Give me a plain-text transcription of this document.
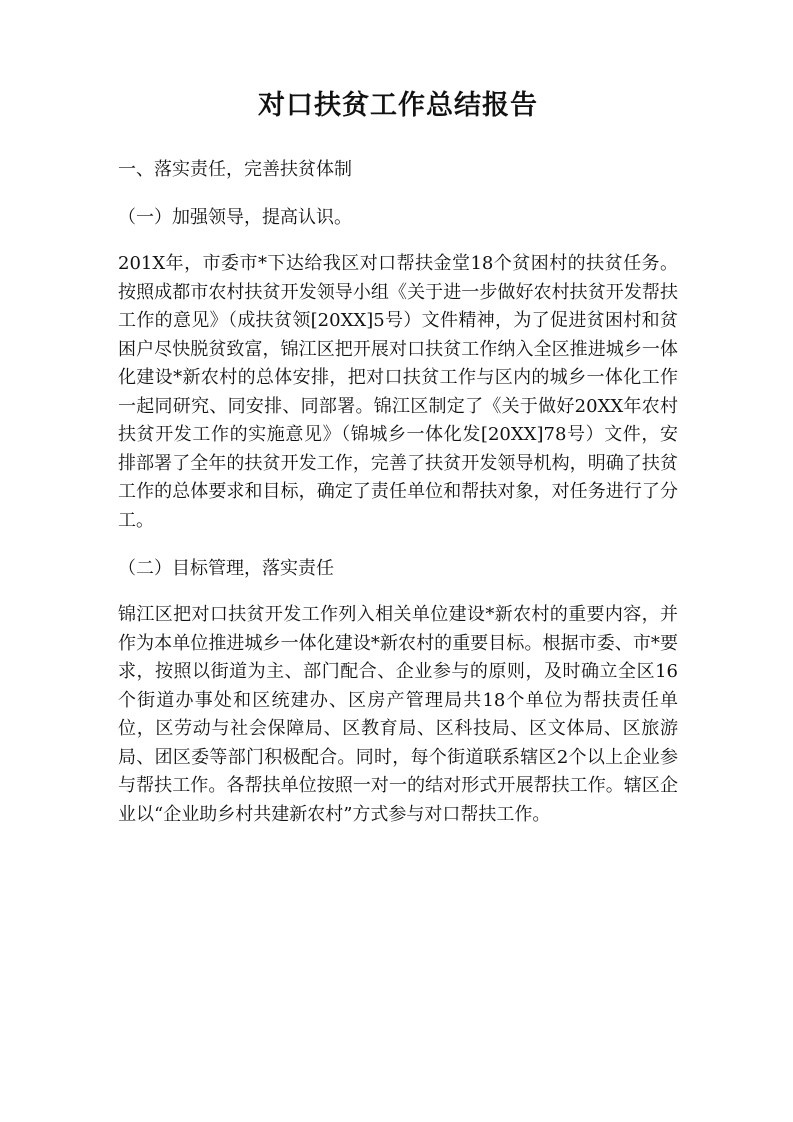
对口扶贫工作总结报告
一、落实责任，完善扶贫体制
（一）加强领导，提高认识。

201X年，市委市*下达给我区对口帮扶金堂18个贫困村的扶贫任务。按照成都市农村扶贫开发领导小组《关于进一步做好农村扶贫开发帮扶工作的意见》（成扶贫领[20XX]5号）文件精神，为了促进贫困村和贫困户尽快脱贫致富，锦江区把开展对口扶贫工作纳入全区推进城乡一体化建设*新农村的总体安排，把对口扶贫工作与区内的城乡一体化工作一起同研究、同安排、同部署。锦江区制定了《关于做好20XX年农村扶贫开发工作的实施意见》（锦城乡一体化发[20XX]78号）文件，安排部署了全年的扶贫开发工作，完善了扶贫开发领导机构，明确了扶贫工作的总体要求和目标，确定了责任单位和帮扶对象，对任务进行了分工。

（二）目标管理，落实责任

锦江区把对口扶贫开发工作列入相关单位建设*新农村的重要内容，并作为本单位推进城乡一体化建设*新农村的重要目标。根据市委、市*要求，按照以街道为主、部门配合、企业参与的原则，及时确立全区16个街道办事处和区统建办、区房产管理局共18个单位为帮扶责任单位，区劳动与社会保障局、区教育局、区科技局、区文体局、区旅游局、团区委等部门积极配合。同时，每个街道联系辖区2个以上企业参与帮扶工作。各帮扶单位按照一对一的结对形式开展帮扶工作。辖区企业以“企业助乡村共建新农村”方式参与对口帮扶工作。
